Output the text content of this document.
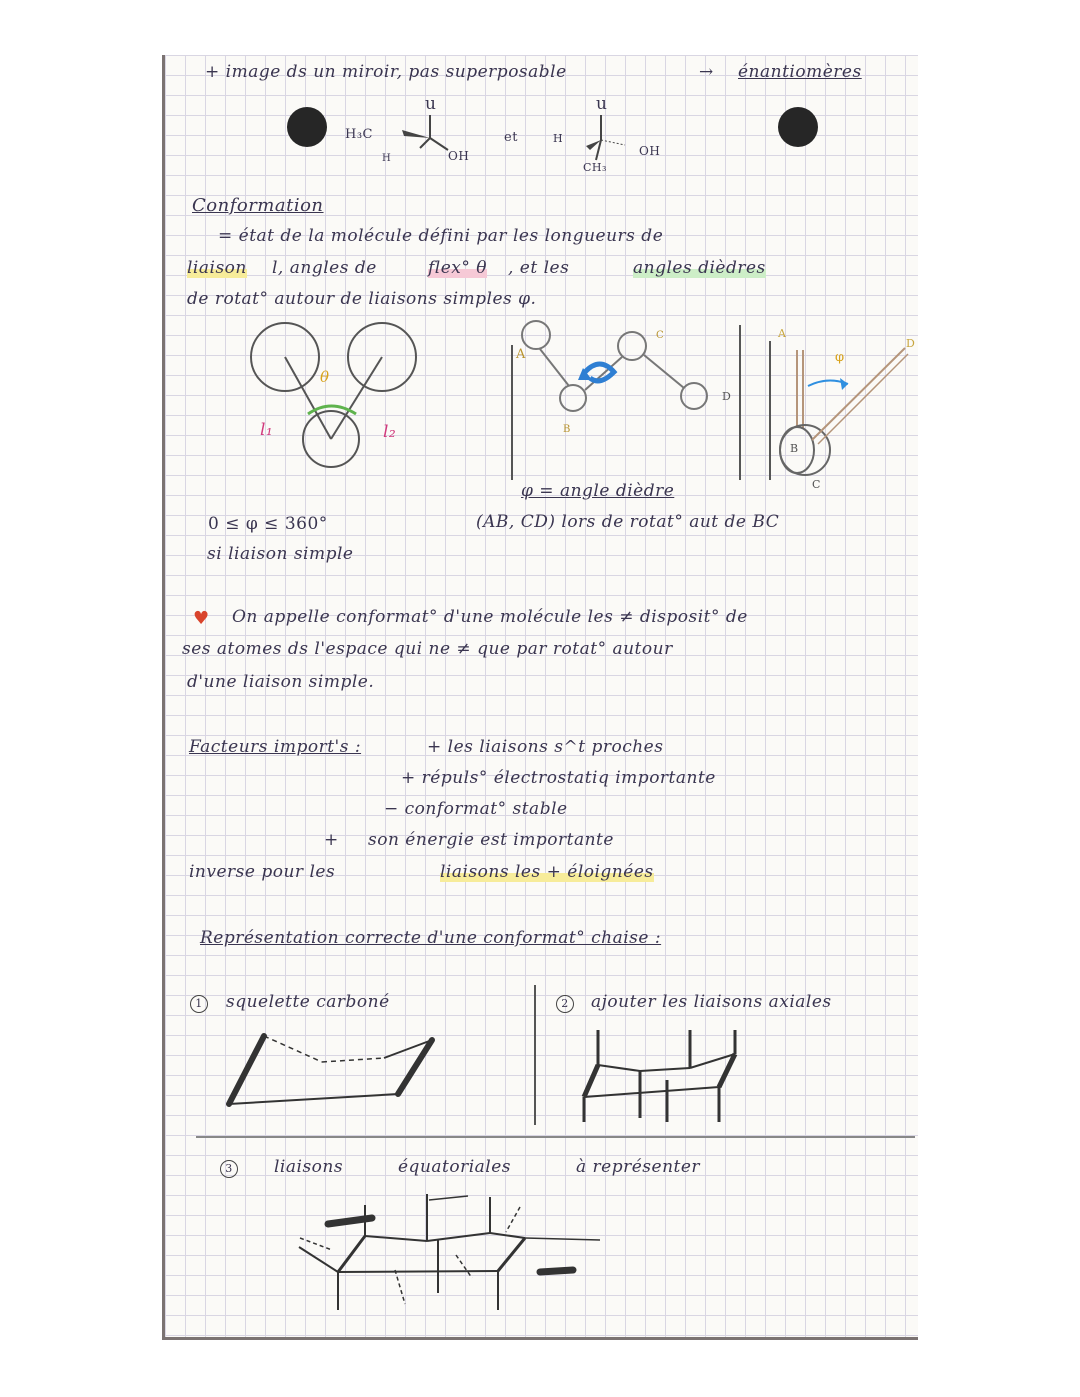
+ image ds un miroir, pas superposable	→ énantiomères
u
H₃C
H	OH
et
u
H
OH
CH₃
Conformation
= état de la molécule défini par les longueurs de
liaison l, angles de	flex° θ , et les	angles dièdres
de rotat° autour de liaisons simples φ.
θ
l₁	l₂
A
B
C
D
A
B
C
D
φ
0 ≤ φ ≤ 360°
si liaison simple
φ = angle dièdre
(AB, CD) lors de rotat° aut de BC
♥ On appelle conformat° d'une molécule les ≠ disposit° de
ses atomes ds l'espace qui ne ≠ que par rotat° autour
d'une liaison simple.
Facteurs import's :	+ les liaisons s^t proches
+ répuls° électrostatiq importante
− conformat° stable
+ son énergie est importante
inverse pour les	liaisons les + éloignées
Représentation correcte d'une conformat° chaise :
1	squelette carboné	2	ajouter les liaisons axiales
3	liaisons	équatoriales	à représenter
